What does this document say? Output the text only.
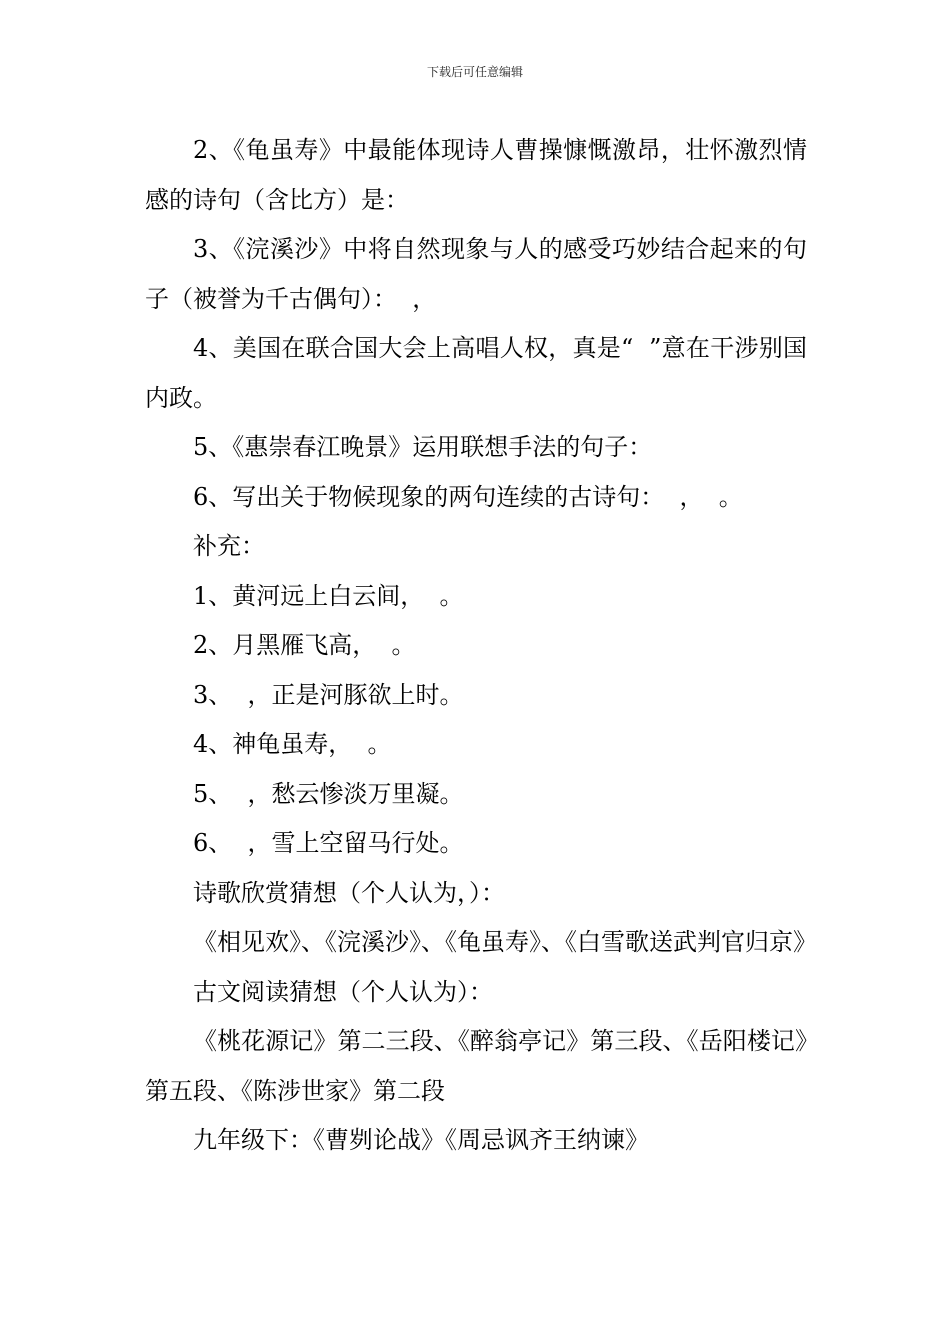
下载后可任意编辑

2、《龟虽寿》中最能体现诗人曹操慷慨激昂，壮怀激烈情感的诗句（含比方）是：

3、《浣溪沙》中将自然现象与人的感受巧妙结合起来的句子（被誉为千古偶句）：  ，

4、美国在联合国大会上高唱人权，真是“  ”意在干涉别国内政。

5、《惠崇春江晚景》运用联想手法的句子：

6、写出关于物候现象的两句连续的古诗句：  ，  。

补充：

1、黄河远上白云间，  。

2、月黑雁飞高，  。

3、  ，正是河豚欲上时。

4、神龟虽寿，  。

5、  ，愁云惨淡万里凝。

6、  ，雪上空留马行处。

诗歌欣赏猜想（个人认为，）：

《相见欢》、《浣溪沙》、《龟虽寿》、《白雪歌送武判官归京》

古文阅读猜想（个人认为）：

《桃花源记》第二三段、《醉翁亭记》第三段、《岳阳楼记》第五段、《陈涉世家》第二段

九年级下：《曹刿论战》《周忌讽齐王纳谏》
